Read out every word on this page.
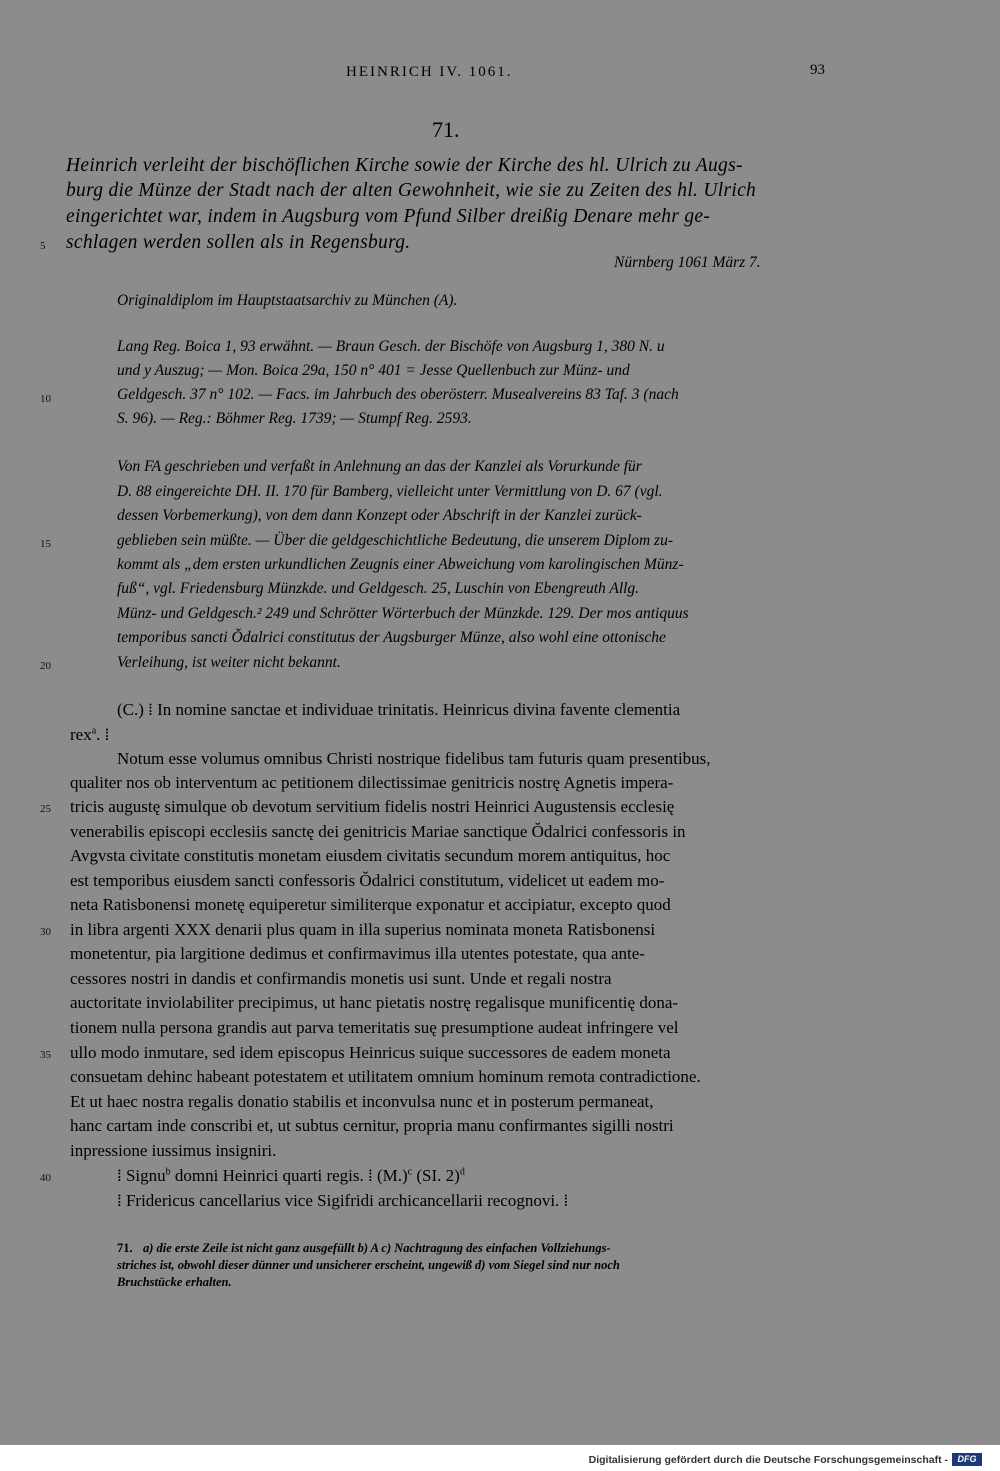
HEINRICH IV. 1061.	93
71.
Heinrich verleiht der bischöflichen Kirche sowie der Kirche des hl. Ulrich zu Augs-
burg die Münze der Stadt nach der alten Gewohnheit, wie sie zu Zeiten des hl. Ulrich
eingerichtet war, indem in Augsburg vom Pfund Silber dreißig Denare mehr ge-
schlagen werden sollen als in Regensburg.
Nürnberg 1061 März 7.
Originaldiplom im Hauptstaatsarchiv zu München (A).
Lang Reg. Boica 1, 93 erwähnt. — Braun Gesch. der Bischöfe von Augsburg 1, 380 N. u
und y Auszug; — Mon. Boica 29a, 150 n° 401 = Jesse Quellenbuch zur Münz- und
Geldgesch. 37 n° 102. — Facs. im Jahrbuch des oberösterr. Musealvereins 83 Taf. 3 (nach
S. 96). — Reg.: Böhmer Reg. 1739; — Stumpf Reg. 2593.
Von FA geschrieben und verfaßt in Anlehnung an das der Kanzlei als Vorurkunde für
D. 88 eingereichte DH. II. 170 für Bamberg, vielleicht unter Vermittlung von D. 67 (vgl.
dessen Vorbemerkung), von dem dann Konzept oder Abschrift in der Kanzlei zurück-
geblieben sein müßte. — Über die geldgeschichtliche Bedeutung, die unserem Diplom zu-
kommt als „dem ersten urkundlichen Zeugnis einer Abweichung vom karolingischen Münz-
fuß“, vgl. Friedensburg Münzkde. und Geldgesch. 25, Luschin von Ebengreuth Allg.
Münz- und Geldgesch.² 249 und Schrötter Wörterbuch der Münzkde. 129. Der mos antiquus
temporibus sancti Ŏdalrici constitutus der Augsburger Münze, also wohl eine ottonische
Verleihung, ist weiter nicht bekannt.
(C.) ⁞ In nomine sanctae et individuae trinitatis. Heinricus divina favente clementia
rex$^a$. ⁞
Notum esse volumus omnibus Christi nostrique fidelibus tam futuris quam presentibus,
qualiter nos ob interventum ac petitionem dilectissimae genitricis nostrę Agnetis impera-
tricis augustę simulque ob devotum servitium fidelis nostri Heinrici Augustensis ecclesię
venerabilis episcopi ecclesiis sanctę dei genitricis Mariae sanctique Ŏdalrici confessoris in
Avgvsta civitate constitutis monetam eiusdem civitatis secundum morem antiquitus, hoc
est temporibus eiusdem sancti confessoris Ŏdalrici constitutum, videlicet ut eadem mo-
neta Ratisbonensi monetę equiperetur similiterque exponatur et accipiatur, excepto quod
in libra argenti XXX denarii plus quam in illa superius nominata moneta Ratisbonensi
monetentur, pia largitione dedimus et confirmavimus illa utentes potestate, qua ante-
cessores nostri in dandis et confirmandis monetis usi sunt. Unde et regali nostra
auctoritate inviolabiliter precipimus, ut hanc pietatis nostrę regalisque munificentię dona-
tionem nulla persona grandis aut parva temeritatis suę presumptione audeat infringere vel
ullo modo inmutare, sed idem episcopus Heinricus suique successores de eadem moneta
consuetam dehinc habeant potestatem et utilitatem omnium hominum remota contradictione.
Et ut haec nostra regalis donatio stabilis et inconvulsa nunc et in posterum permaneat,
hanc cartam inde conscribi et, ut subtus cernitur, propria manu confirmantes sigilli nostri
inpressione iussimus insigniri.
⁞ Signu$^b$ domni Heinrici quarti regis. ⁞ $(M.)^c$ (SI. 2)$^d$
⁞ Fridericus cancellarius vice Sigifridi archicancellarii recognovi. ⁞
71. a) die erste Zeile ist nicht ganz ausgefüllt b) A c) Nachtragung des einfachen Vollziehungs-
striches ist, obwohl dieser dünner und unsicherer erscheint, ungewiß d) vom Siegel sind nur noch
Bruchstücke erhalten.
5
10
15
20
25
30
35
40
Digitalisierung gefördert durch die Deutsche Forschungsgemeinschaft -	DFG
